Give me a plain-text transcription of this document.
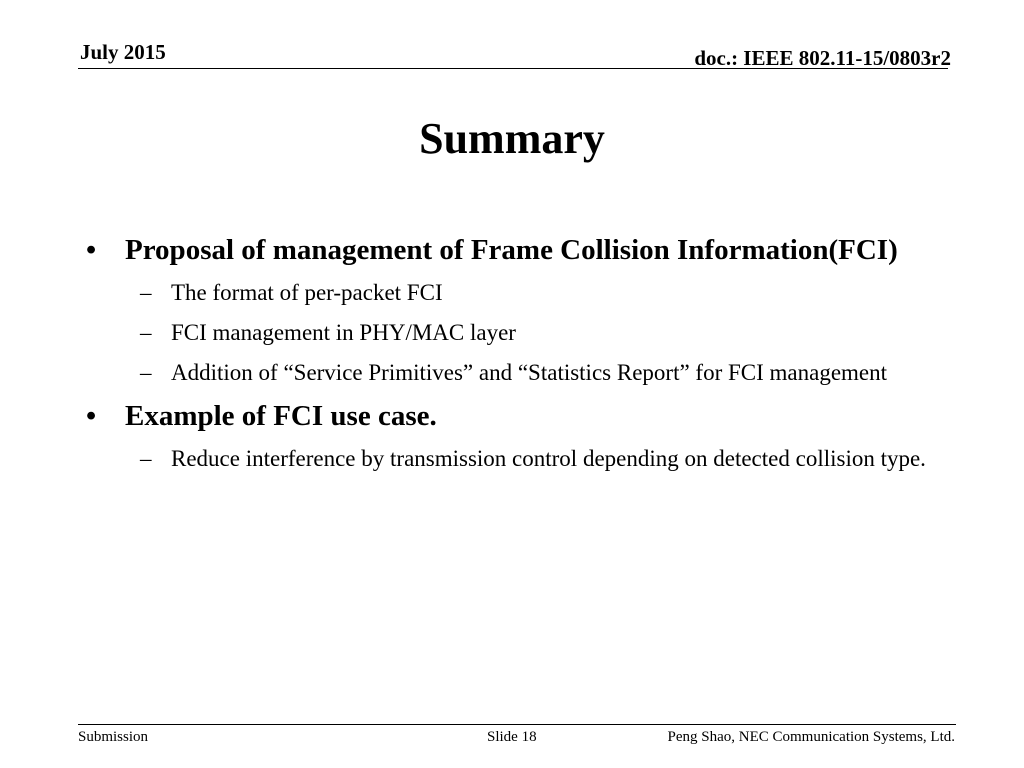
July 2015	doc.: IEEE 802.11-15/0803r2
Summary
• Proposal of management of Frame Collision Information(FCI)
– The format of per-packet FCI
– FCI management in PHY/MAC layer
– Addition of “Service Primitives” and “Statistics Report” for FCI management
• Example of FCI use case.
– Reduce interference by transmission control depending on detected collision type.
Submission	Slide 18	Peng Shao, NEC Communication Systems, Ltd.
